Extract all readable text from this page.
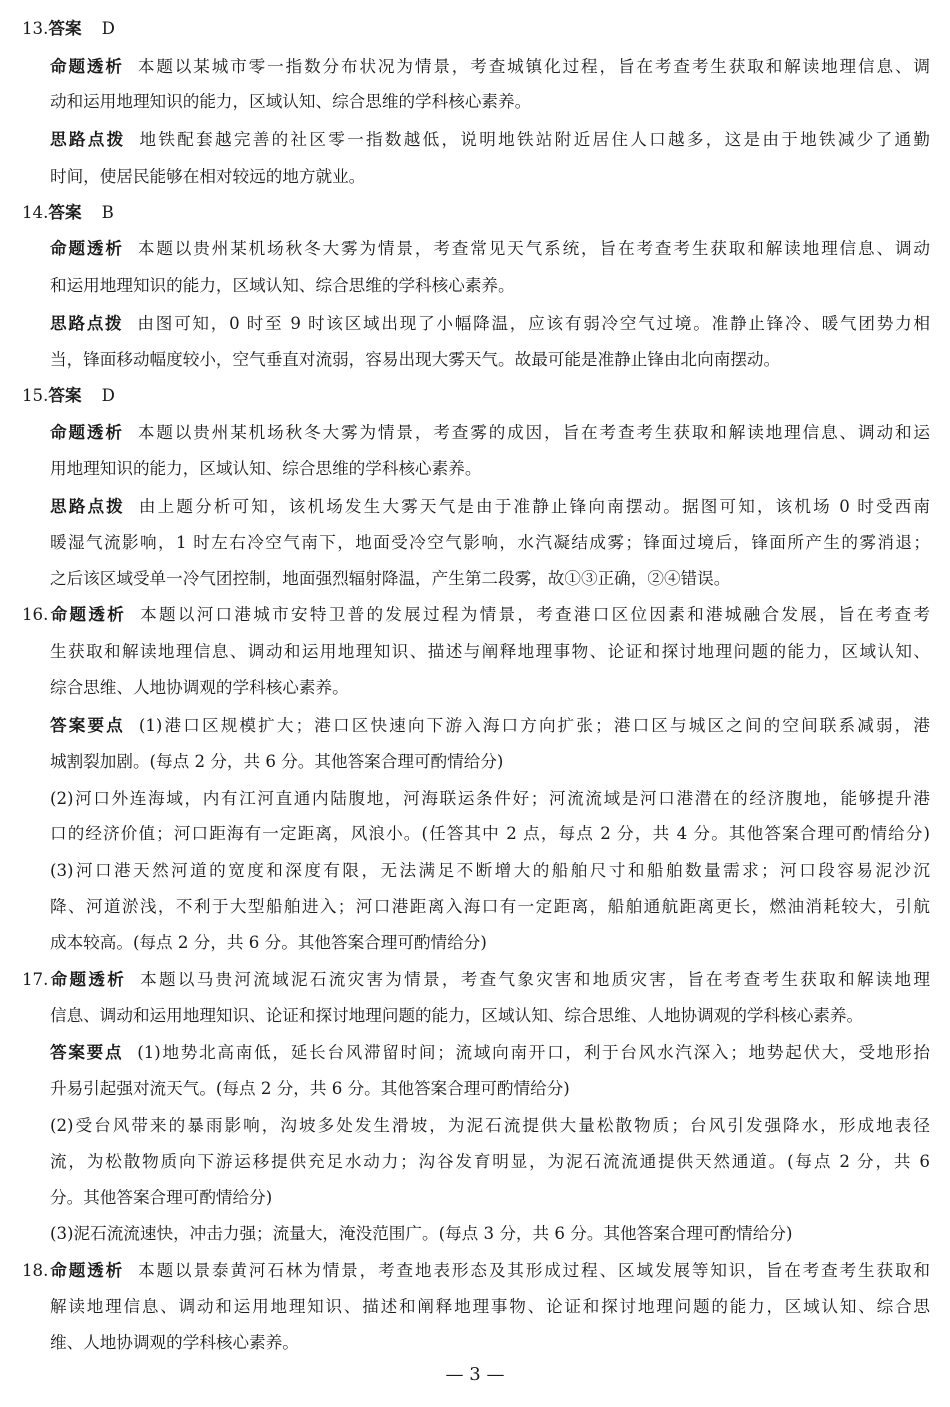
13.答案 D
命题透析 本题以某城市零一指数分布状况为情景，考查城镇化过程，旨在考查考生获取和解读地理信息、调
动和运用地理知识的能力，区域认知、综合思维的学科核心素养。
思路点拨 地铁配套越完善的社区零一指数越低，说明地铁站附近居住人口越多，这是由于地铁减少了通勤
时间，使居民能够在相对较远的地方就业。
14.答案 B
命题透析 本题以贵州某机场秋冬大雾为情景，考查常见天气系统，旨在考查考生获取和解读地理信息、调动
和运用地理知识的能力，区域认知、综合思维的学科核心素养。
思路点拨 由图可知，0 时至 9 时该区域出现了小幅降温，应该有弱冷空气过境。准静止锋冷、暖气团势力相
当，锋面移动幅度较小，空气垂直对流弱，容易出现大雾天气。故最可能是准静止锋由北向南摆动。
15.答案 D
命题透析 本题以贵州某机场秋冬大雾为情景，考查雾的成因，旨在考查考生获取和解读地理信息、调动和运
用地理知识的能力，区域认知、综合思维的学科核心素养。
思路点拨 由上题分析可知，该机场发生大雾天气是由于准静止锋向南摆动。据图可知，该机场 0 时受西南
暖湿气流影响，1 时左右冷空气南下，地面受冷空气影响，水汽凝结成雾；锋面过境后，锋面所产生的雾消退；
之后该区域受单一冷气团控制，地面强烈辐射降温，产生第二段雾，故①③正确，②④错误。
16.命题透析 本题以河口港城市安特卫普的发展过程为情景，考查港口区位因素和港城融合发展，旨在考查考
生获取和解读地理信息、调动和运用地理知识、描述与阐释地理事物、论证和探讨地理问题的能力，区域认知、
综合思维、人地协调观的学科核心素养。
答案要点 (1)港口区规模扩大；港口区快速向下游入海口方向扩张；港口区与城区之间的空间联系减弱，港
城割裂加剧。(每点 2 分，共 6 分。其他答案合理可酌情给分)
(2)河口外连海域，内有江河直通内陆腹地，河海联运条件好；河流流域是河口港潜在的经济腹地，能够提升港
口的经济价值；河口距海有一定距离，风浪小。(任答其中 2 点，每点 2 分，共 4 分。其他答案合理可酌情给分)
(3)河口港天然河道的宽度和深度有限，无法满足不断增大的船舶尺寸和船舶数量需求；河口段容易泥沙沉
降、河道淤浅，不利于大型船舶进入；河口港距离入海口有一定距离，船舶通航距离更长，燃油消耗较大，引航
成本较高。(每点 2 分，共 6 分。其他答案合理可酌情给分)
17.命题透析 本题以马贵河流域泥石流灾害为情景，考查气象灾害和地质灾害，旨在考查考生获取和解读地理
信息、调动和运用地理知识、论证和探讨地理问题的能力，区域认知、综合思维、人地协调观的学科核心素养。
答案要点 (1)地势北高南低，延长台风滞留时间；流域向南开口，利于台风水汽深入；地势起伏大，受地形抬
升易引起强对流天气。(每点 2 分，共 6 分。其他答案合理可酌情给分)
(2)受台风带来的暴雨影响，沟坡多处发生滑坡，为泥石流提供大量松散物质；台风引发强降水，形成地表径
流，为松散物质向下游运移提供充足水动力；沟谷发育明显，为泥石流流通提供天然通道。(每点 2 分，共 6
分。其他答案合理可酌情给分)
(3)泥石流流速快，冲击力强；流量大，淹没范围广。(每点 3 分，共 6 分。其他答案合理可酌情给分)
18.命题透析 本题以景泰黄河石林为情景，考查地表形态及其形成过程、区域发展等知识，旨在考查考生获取和
解读地理信息、调动和运用地理知识、描述和阐释地理事物、论证和探讨地理问题的能力，区域认知、综合思
维、人地协调观的学科核心素养。
— 3 —
